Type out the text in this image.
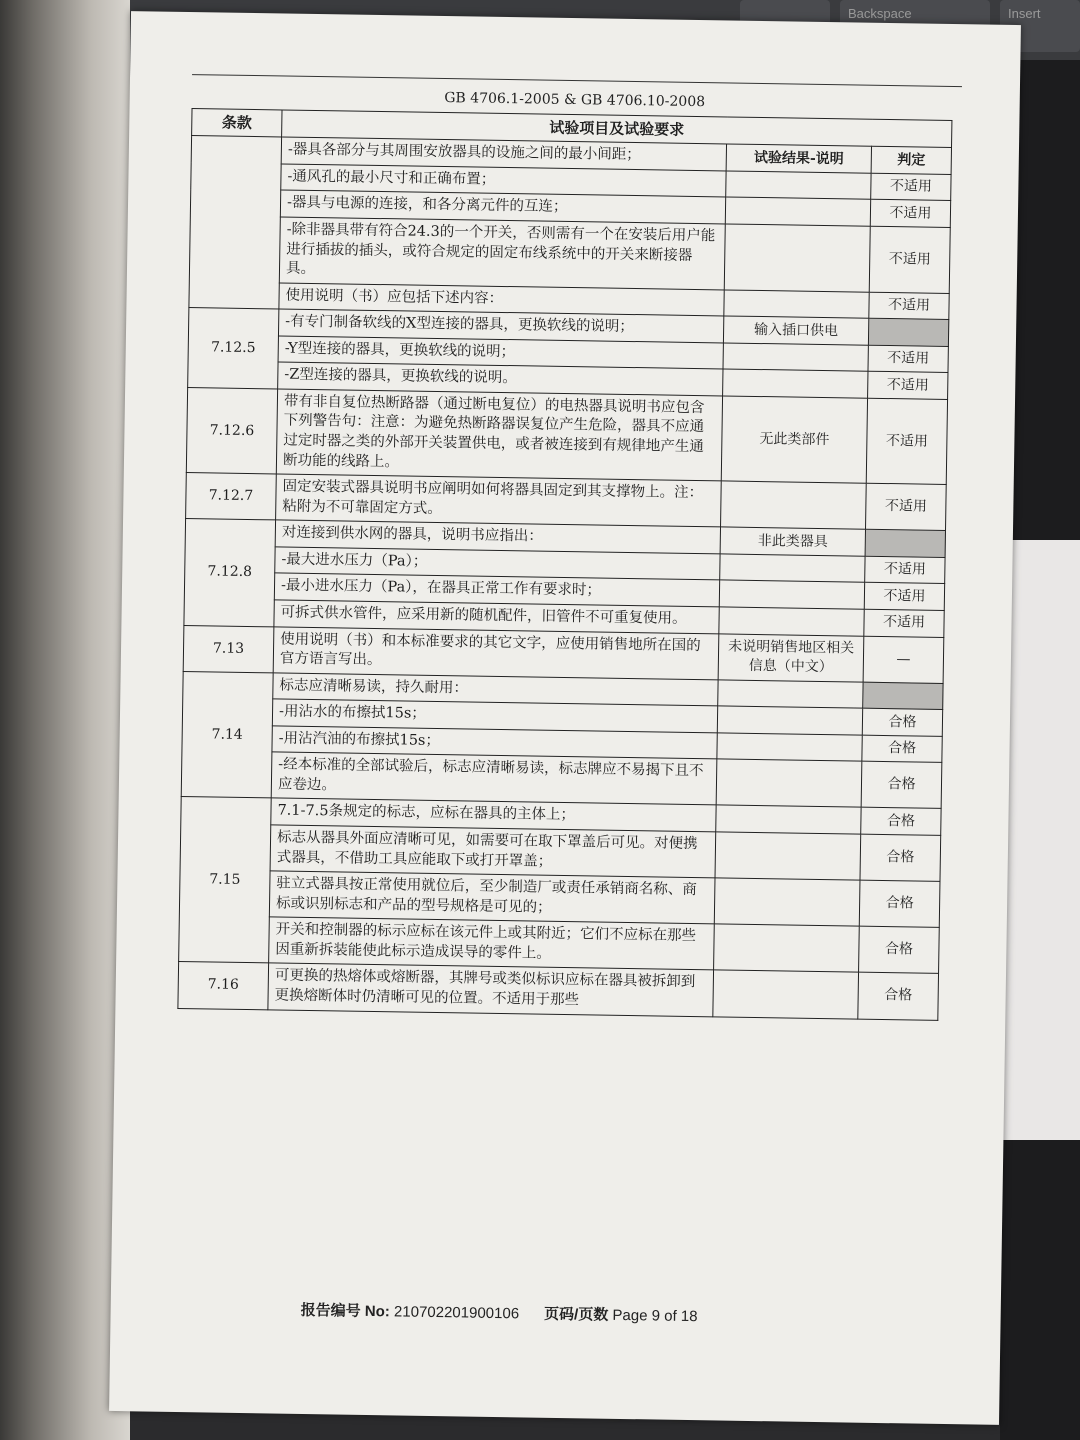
Backspace	Insert
GB 4706.1-2005 & GB 4706.10-2008
条款	试验项目及试验要求		
	-器具各部分与其周围安放器具的设施之间的最小间距；	试验结果-说明	判定
	-通风孔的最小尺寸和正确布置；		不适用
	-器具与电源的连接，和各分离元件的互连；		不适用
	-除非器具带有符合24.3的一个开关，否则需有一个在安装后用户能进行插拔的插头，或符合规定的固定布线系统中的开关来断接器具。		不适用
	使用说明（书）应包括下述内容：		不适用
7.12.5	-有专门制备软线的X型连接的器具，更换软线的说明；	输入插口供电	
	-Y型连接的器具，更换软线的说明；		不适用
	-Z型连接的器具，更换软线的说明。		不适用
7.12.6	带有非自复位热断路器（通过断电复位）的电热器具说明书应包含下列警告句：注意：为避免热断路器误复位产生危险，器具不应通过定时器之类的外部开关装置供电，或者被连接到有规律地产生通断功能的线路上。	无此类部件	不适用
7.12.7	固定安装式器具说明书应阐明如何将器具固定到其支撑物上。注：粘附为不可靠固定方式。		不适用
7.12.8	对连接到供水网的器具，说明书应指出：	非此类器具	
	-最大进水压力（Pa）；		不适用
	-最小进水压力（Pa），在器具正常工作有要求时；		不适用
	可拆式供水管件，应采用新的随机配件，旧管件不可重复使用。		不适用
7.13	使用说明（书）和本标准要求的其它文字，应使用销售地所在国的官方语言写出。	未说明销售地区相关信息（中文）	—
7.14	标志应清晰易读，持久耐用：		
	-用沾水的布擦拭15s；		合格
	-用沾汽油的布擦拭15s；		合格
	-经本标准的全部试验后，标志应清晰易读，标志牌应不易揭下且不应卷边。		合格
7.15	7.1-7.5条规定的标志，应标在器具的主体上；		合格
	标志从器具外面应清晰可见，如需要可在取下罩盖后可见。对便携式器具，不借助工具应能取下或打开罩盖；		合格
	驻立式器具按正常使用就位后，至少制造厂或责任承销商名称、商标或识别标志和产品的型号规格是可见的；		合格
	开关和控制器的标示应标在该元件上或其附近；它们不应标在那些因重新拆装能使此标示造成误导的零件上。		合格
7.16	可更换的热熔体或熔断器，其牌号或类似标识应标在器具被拆卸到更换熔断体时仍清晰可见的位置。不适用于那些		合格
报告编号 No: 210702201900106 页码/页数 Page 9 of 18
